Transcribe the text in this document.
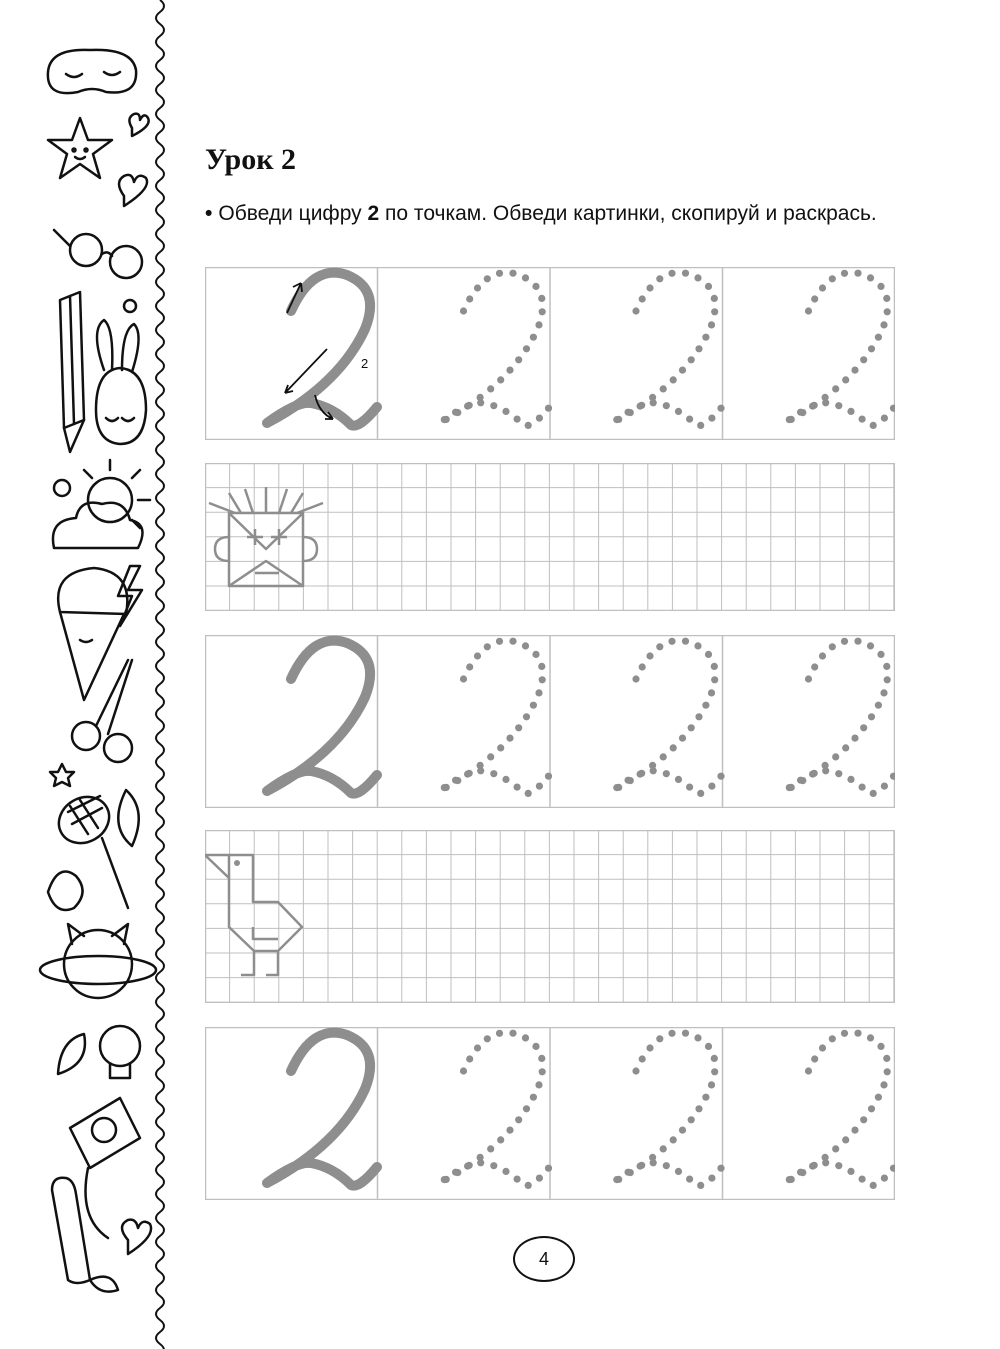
Урок 2

• Обведи цифру 2 по точкам. Обведи картинки, скопируй и раскрась.

2
4
